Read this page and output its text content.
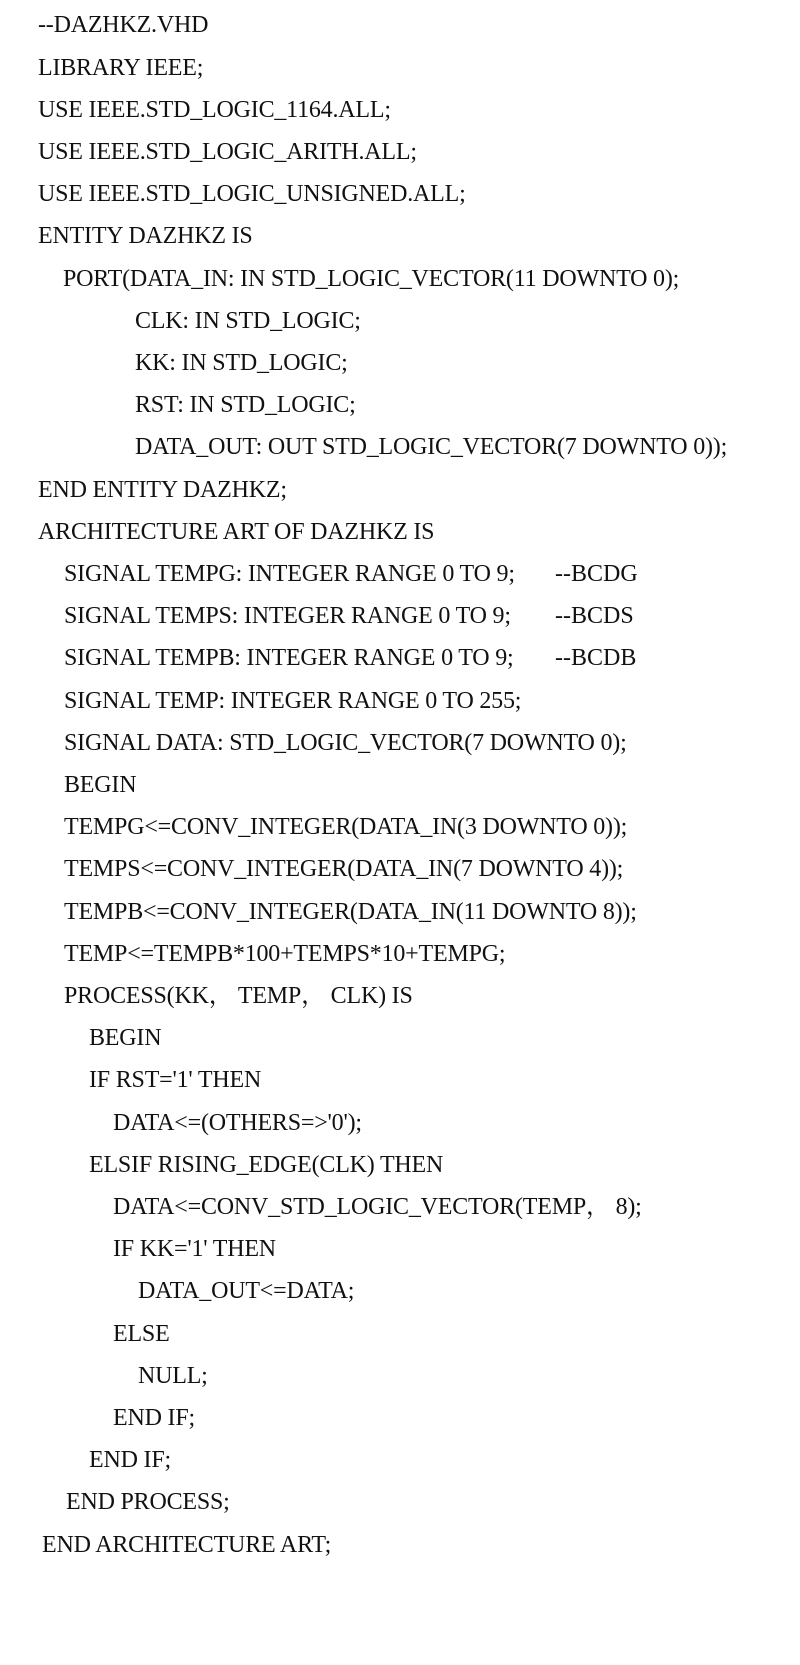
--DAZHKZ.VHD
LIBRARY IEEE;
USE IEEE.STD_LOGIC_1164.ALL;
USE IEEE.STD_LOGIC_ARITH.ALL;
USE IEEE.STD_LOGIC_UNSIGNED.ALL;
ENTITY DAZHKZ IS
PORT(DATA_IN: IN STD_LOGIC_VECTOR(11 DOWNTO 0);
CLK: IN STD_LOGIC;
KK: IN STD_LOGIC;
RST: IN STD_LOGIC;
DATA_OUT: OUT STD_LOGIC_VECTOR(7 DOWNTO 0));
END ENTITY DAZHKZ;
ARCHITECTURE ART OF DAZHKZ IS
SIGNAL TEMPG: INTEGER RANGE 0 TO 9; --BCDG
SIGNAL TEMPS: INTEGER RANGE 0 TO 9; --BCDS
SIGNAL TEMPB: INTEGER RANGE 0 TO 9; --BCDB
SIGNAL TEMP: INTEGER RANGE 0 TO 255;
SIGNAL DATA: STD_LOGIC_VECTOR(7 DOWNTO 0);
BEGIN
TEMPG<=CONV_INTEGER(DATA_IN(3 DOWNTO 0));
TEMPS<=CONV_INTEGER(DATA_IN(7 DOWNTO 4));
TEMPB<=CONV_INTEGER(DATA_IN(11 DOWNTO 8));
TEMP<=TEMPB*100+TEMPS*10+TEMPG;
PROCESS(KK， TEMP， CLK) IS
BEGIN
IF RST='1' THEN
DATA<=(OTHERS=>'0');
ELSIF RISING_EDGE(CLK) THEN
DATA<=CONV_STD_LOGIC_VECTOR(TEMP， 8);
IF KK='1' THEN
DATA_OUT<=DATA;
ELSE
NULL;
END IF;
END IF;
END PROCESS;
END ARCHITECTURE ART;
